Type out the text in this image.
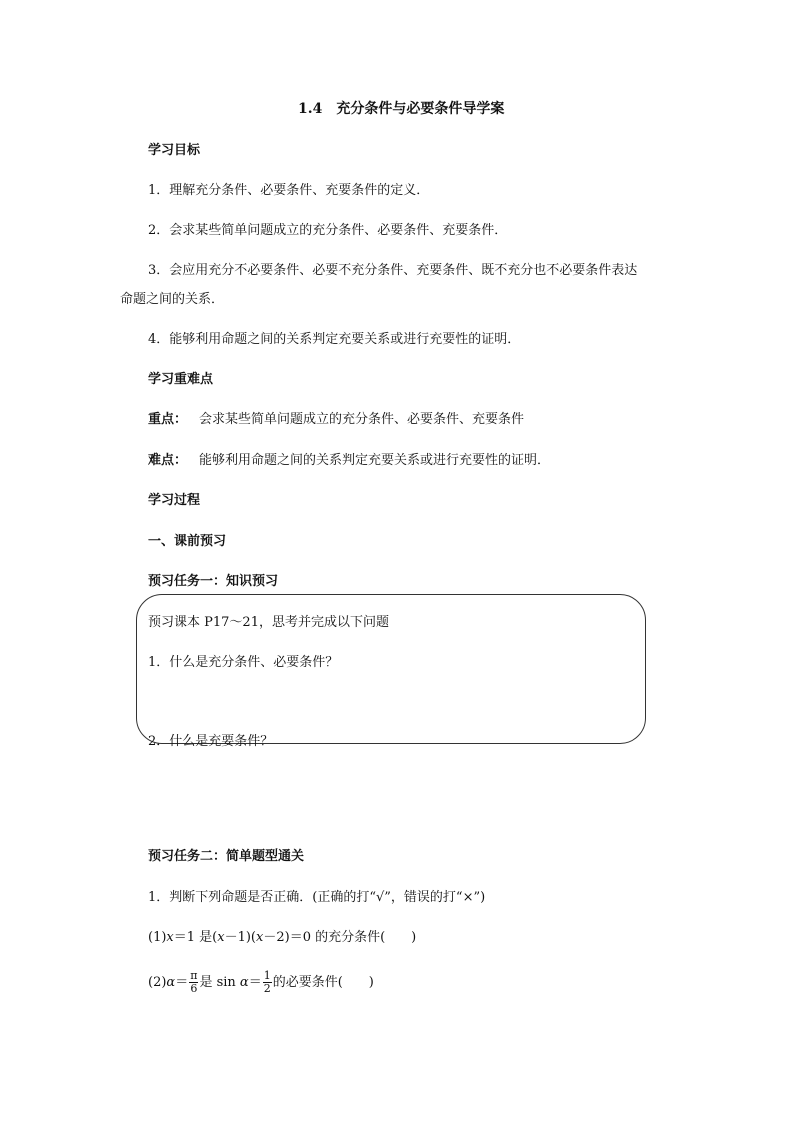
1.4　充分条件与必要条件导学案
学习目标
1．理解充分条件、必要条件、充要条件的定义．
2．会求某些简单问题成立的充分条件、必要条件、充要条件．
3．会应用充分不必要条件、必要不充分条件、充要条件、既不充分也不必要条件表达
命题之间的关系．
4．能够利用命题之间的关系判定充要关系或进行充要性的证明．
学习重难点
重点： 会求某些简单问题成立的充分条件、必要条件、充要条件
难点： 能够利用命题之间的关系判定充要关系或进行充要性的证明．
学习过程
一、课前预习
预习任务一：知识预习
预习课本 P17～21，思考并完成以下问题
1．什么是充分条件、必要条件？
2．什么是充要条件？
预习任务二：简单题型通关
1．判断下列命题是否正确．(正确的打“√”，错误的打“×”)
(1)x＝1 是(x－1)(x－2)＝0 的充分条件(　　)
$(2)\alpha= \frac{\pi}{6}$ 是 $\sin \alpha= \frac{1}{2}$ 的必要条件(　　)
